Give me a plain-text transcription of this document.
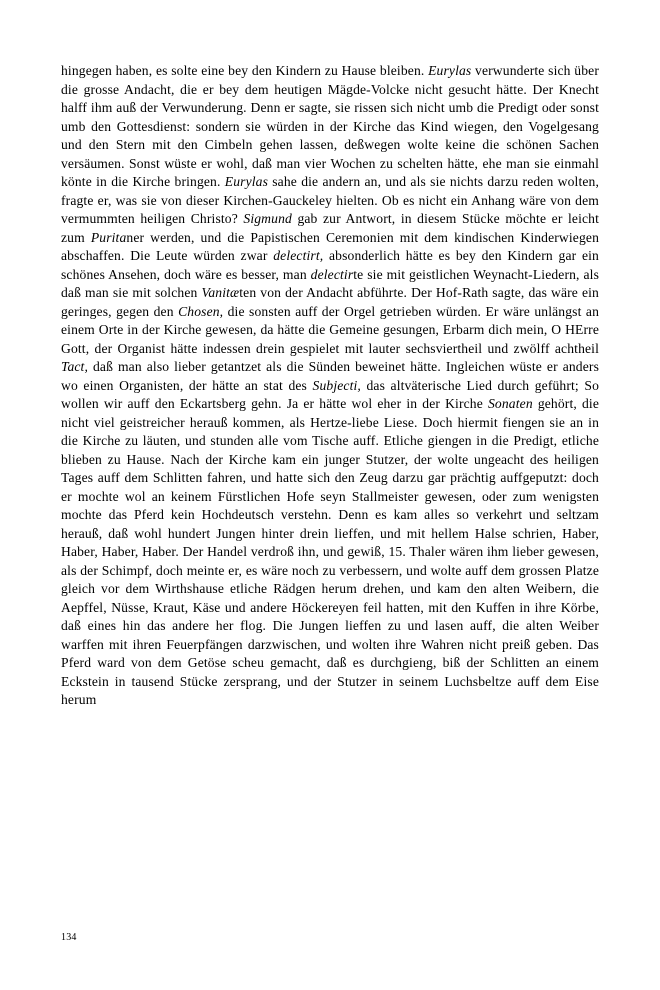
hingegen haben, es solte eine bey den Kindern zu Hause bleiben. Eurylas verwunderte sich über die grosse Andacht, die er bey dem heutigen Mägde-Volcke nicht gesucht hätte. Der Knecht halff ihm auß der Verwunderung. Denn er sagte, sie rissen sich nicht umb die Predigt oder sonst umb den Gottesdienst: sondern sie würden in der Kirche das Kind wiegen, den Vogelgesang und den Stern mit den Cimbeln gehen lassen, deßwegen wolte keine die schönen Sachen versäumen. Sonst wüste er wohl, daß man vier Wochen zu schelten hätte, ehe man sie einmahl könte in die Kirche bringen. Eurylas sahe die andern an, und als sie nichts darzu reden wolten, fragte er, was sie von dieser Kirchen-Gauckeley hielten. Ob es nicht ein Anhang wäre von dem vermummten heiligen Christo? Sigmund gab zur Antwort, in diesem Stücke möchte er leicht zum Puritaner werden, und die Papistischen Ceremonien mit dem kindischen Kinderwiegen abschaffen. Die Leute würden zwar delectirt, absonderlich hätte es bey den Kindern gar ein schönes Ansehen, doch wäre es besser, man delectirte sie mit geistlichen Weynacht-Liedern, als daß man sie mit solchen Vanitæten von der Andacht abführte. Der Hof-Rath sagte, das wäre ein geringes, gegen den Chosen, die sonsten auff der Orgel getrieben würden. Er wäre unlängst an einem Orte in der Kirche gewesen, da hätte die Gemeine gesungen, Erbarm dich mein, O HErre Gott, der Organist hätte indessen drein gespielet mit lauter sechsviertheil und zwölff achtheil Tact, daß man also lieber getantzet als die Sünden beweinet hätte. Ingleichen wüste er anders wo einen Organisten, der hätte an stat des Subjecti, das altväterische Lied durch geführt; So wollen wir auff den Eckartsberg gehn. Ja er hätte wol eher in der Kirche Sonaten gehört, die nicht viel geistreicher herauß kommen, als Hertze-liebe Liese. Doch hiermit fiengen sie an in die Kirche zu läuten, und stunden alle vom Tische auff. Etliche giengen in die Predigt, etliche blieben zu Hause. Nach der Kirche kam ein junger Stutzer, der wolte ungeacht des heiligen Tages auff dem Schlitten fahren, und hatte sich den Zeug darzu gar prächtig auffgeputzt: doch er mochte wol an keinem Fürstlichen Hofe seyn Stallmeister gewesen, oder zum wenigsten mochte das Pferd kein Hochdeutsch verstehn. Denn es kam alles so verkehrt und seltzam herauß, daß wohl hundert Jungen hinter drein lieffen, und mit hellem Halse schrien, Haber, Haber, Haber, Haber. Der Handel verdroß ihn, und gewiß, 15. Thaler wären ihm lieber gewesen, als der Schimpf, doch meinte er, es wäre noch zu verbessern, und wolte auff dem grossen Platze gleich vor dem Wirthshause etliche Rädgen herum drehen, und kam den alten Weibern, die Aepffel, Nüsse, Kraut, Käse und andere Höckereyen feil hatten, mit den Kuffen in ihre Körbe, daß eines hin das andere her flog. Die Jungen lieffen zu und lasen auff, die alten Weiber warffen mit ihren Feuerpfängen darzwischen, und wolten ihre Wahren nicht preiß geben. Das Pferd ward von dem Getöse scheu gemacht, daß es durchgieng, biß der Schlitten an einem Eckstein in tausend Stücke zersprang, und der Stutzer in seinem Luchsbeltze auff dem Eise herum

134
